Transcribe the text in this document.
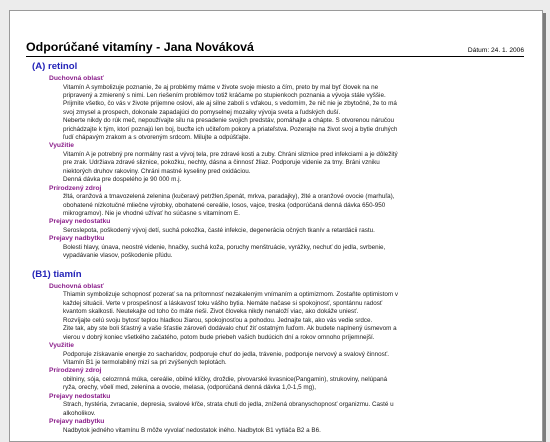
Odporúčané vitamíny - Jana Nováková	Dátum: 24. 1. 2006
(A) retinol
Duchovná oblasť
Vitamín A symbolizuje poznanie, že aj problémy máme v živote svoje miesto a čím, preto by mal byť človek na ne
pripravený a zmierený s nimi. Len riešením problémov totiž kráčame po stupienkoch poznania a vývoja stále vyššie.
Prijmite všetko, čo vás v živote prijemne oslovi, ale aj silne zaboli s vďakou, s vedomím, že nič nie je zbytočné, že to má
svoj zmysel a prospech, dokonale zapadajúci do pomyselnej mozaiky vývoja sveta a ľudských duší.
Neberte nikdy do rúk meč, nepoužívajte silu na presadenie svojich predstáv, pomáhajte a chápte. S otvorenou náručou
prichádzajte k tým, ktorí poznajú len boj, bucfte ich učiteľom pokory a priateľstva. Pozerajte na život svoj a bytie druhých
ľudí chápavým zrakom a s otvoreným srdcom. Milujte a odpúšťajte.
Využitie
Vitamín A je potrebný pre normálny rast a vývoj tela, pre zdravé kosti a zuby. Chráni sliznice pred infekciami a je dôležitý
pre zrak. Udržiava zdravé sliznice, pokožku, nechty, dásna a činnosť žliaz. Podporuje videnie za tmy. Bráni vzniku
niektorých druhov rakoviny. Chráni mastné kyseliny pred oxidáciou.
Denná dávka pre dospelého je 90 000 m.j.
Prírodzený zdroj
žltá, oranžová a tmavozelená zelenina (kučeravý petržlen,špenát, mrkva, paradajky), žlté a oranžové ovocie (marhuľa),
obohatené nízkotučné mliečne výrobky, obohatené cereálie, losos, vajce, treska (odporúčaná denná dávka 650-950
mikrogramov). Nie je vhodné užívať ho súčasne s vitamínom E.
Prejavy nedostatku
Šeroslepota, poškodený vývoj detí, suchá pokožka, časté infekcie, degenerácia očných tkanív a retardácii rastu.
Prejavy nadbytku
Bolesti hlavy, únava, neostré videnie, hnačky, suchá koža, poruchy menštruácie, vyrážky, nechuť do jedla, svrbenie,
vypadávanie vlasov, poškodenie pľúdu.
(B1) tiamín
Duchovná oblasť
Thiamin symbolizuje schopnosť pozerať sa na prítomnosť nezakaleným vnímaním a optimizmom. Zostaňte optimistom v
každej situácii. Verte v prospešnosť a láskavosť toku vášho bytia. Nemáte načase si spokojnosť, spontánnu radosť
kvantom skalkosti. Neutekajte od toho čo máte rieši. Život človeka nikdy nenaloží viac, ako dokáže uniesť.
Rozvíjajte celú svoju bytosť teplou hladkou žiarou, spokojnosťou a pohodou. Jednajte tak, ako vás vedie srdce.
Žite tak, aby ste boli šťastný a vaše šťastie zároveň dodávalo chuť žiť ostatným ľuďom. Ak budete naplnený úsmevom a
vierou v dobrý koniec všetkého začatého, potom bude priebeh vašich budúcich dní a rokov omnoho príjemnejší.
Využitie
Podporuje získavanie energie zo sacharidov, podporuje chuť do jedla, trávenie, podporuje nervový a svalový činnosť.
Vitamín B1 je termolabilný mizí sa pri zvýšených teplotách.
Prírodzený zdroj
obilniny, sója, celozrnná múka, cereálie, obilné klíčky, droždie, pivovarské kvasnice(Pangamin), strukoviny, nelúpaná
ryža, orechy, vôelí med, zelenina a ovocie, melasa, (odporúčaná denná dávka 1,0-1,5 mg),
Prejavy nedostatku
Strach, hystéria, zvracanie, depresia, svalové kŕče, strata chuti do jedla, znížená obranyschopnosť organizmu. Časté u
alkoholikov.
Prejavy nadbytku
Nadbytok jedného vitamínu B môže vyvolať nedostatok iného. Nadbytok B1 vytláča B2 a B6.
